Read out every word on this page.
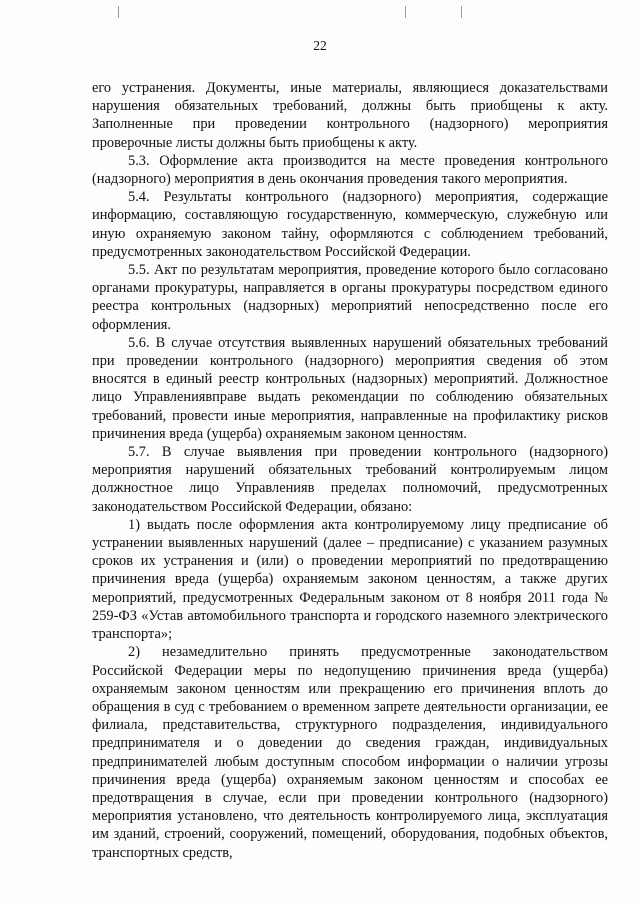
22

его устранения. Документы, иные материалы, являющиеся доказательствами нарушения обязательных требований, должны быть приобщены к акту. Заполненные при проведении контрольного (надзорного) мероприятия проверочные листы должны быть приобщены к акту.

5.3. Оформление акта производится на месте проведения контрольного (надзорного) мероприятия в день окончания проведения такого мероприятия.

5.4. Результаты контрольного (надзорного) мероприятия, содержащие информацию, составляющую государственную, коммерческую, служебную или иную охраняемую законом тайну, оформляются с соблюдением требований, предусмотренных законодательством Российской Федерации.

5.5. Акт по результатам мероприятия, проведение которого было согласовано органами прокуратуры, направляется в органы прокуратуры посредством единого реестра контрольных (надзорных) мероприятий непосредственно после его оформления.

5.6. В случае отсутствия выявленных нарушений обязательных требований при проведении контрольного (надзорного) мероприятия сведения об этом вносятся в единый реестр контрольных (надзорных) мероприятий. Должностное лицо Управлениявправе выдать рекомендации по соблюдению обязательных требований, провести иные мероприятия, направленные на профилактику рисков причинения вреда (ущерба) охраняемым законом ценностям.

5.7. В случае выявления при проведении контрольного (надзорного) мероприятия нарушений обязательных требований контролируемым лицом должностное лицо Управленияв пределах полномочий, предусмотренных законодательством Российской Федерации, обязано:

1) выдать после оформления акта контролируемому лицу предписание об устранении выявленных нарушений (далее – предписание) с указанием разумных сроков их устранения и (или) о проведении мероприятий по предотвращению причинения вреда (ущерба) охраняемым законом ценностям, а также других мероприятий, предусмотренных Федеральным законом от 8 ноября 2011 года № 259-ФЗ «Устав автомобильного транспорта и городского наземного электрического транспорта»;

2) незамедлительно принять предусмотренные законодательством Российской Федерации меры по недопущению причинения вреда (ущерба) охраняемым законом ценностям или прекращению его причинения вплоть до обращения в суд с требованием о временном запрете деятельности организации, ее филиала, представительства, структурного подразделения, индивидуального предпринимателя и о доведении до сведения граждан, индивидуальных предпринимателей любым доступным способом информации о наличии угрозы причинения вреда (ущерба) охраняемым законом ценностям и способах ее предотвращения в случае, если при проведении контрольного (надзорного) мероприятия установлено, что деятельность контролируемого лица, эксплуатация им зданий, строений, сооружений, помещений, оборудования, подобных объектов, транспортных средств,
